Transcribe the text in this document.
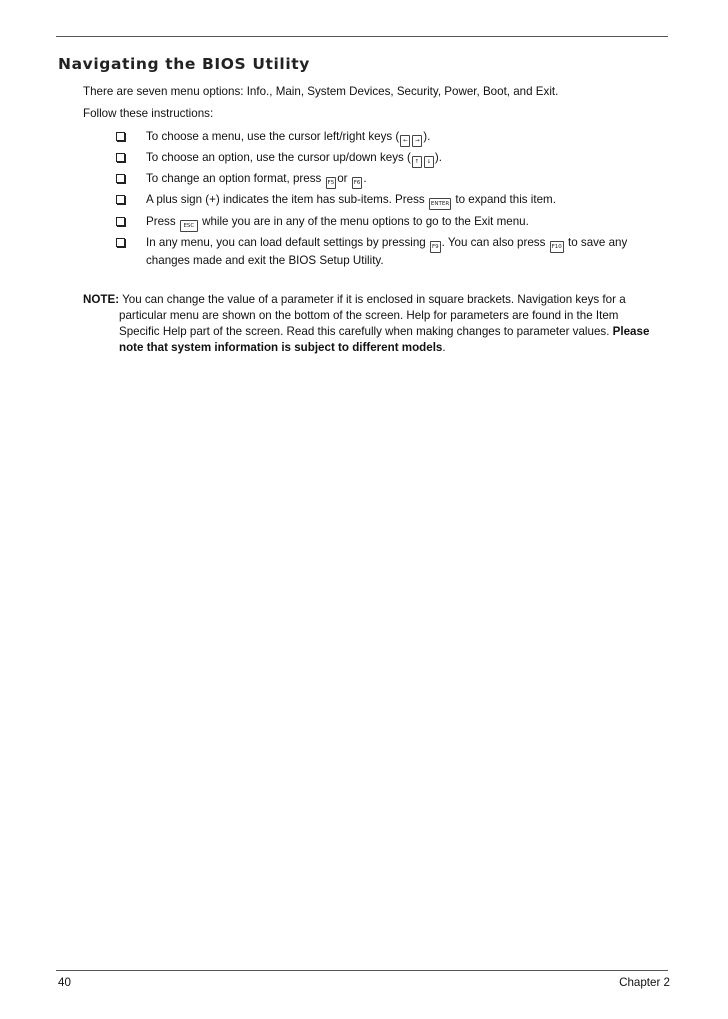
Navigating the BIOS Utility

There are seven menu options: Info., Main, System Devices, Security, Power, Boot, and Exit.

Follow these instructions:

To choose a menu, use the cursor left/right keys ( ← → ).
To choose an option, use the cursor up/down keys ( ↑ ↓ ).
To change an option format, press F5 or F6 .
A plus sign (+) indicates the item has sub-items. Press ENTER to expand this item.
Press ESC while you are in any of the menu options to go to the Exit menu.
In any menu, you can load default settings by pressing F9 . You can also press F10 to save any
changes made and exit the BIOS Setup Utility.

NOTE: You can change the value of a parameter if it is enclosed in square brackets. Navigation keys for a
particular menu are shown on the bottom of the screen. Help for parameters are found in the Item
Specific Help part of the screen. Read this carefully when making changes to parameter values. Please
note that system information is subject to different models.

40	Chapter 2
